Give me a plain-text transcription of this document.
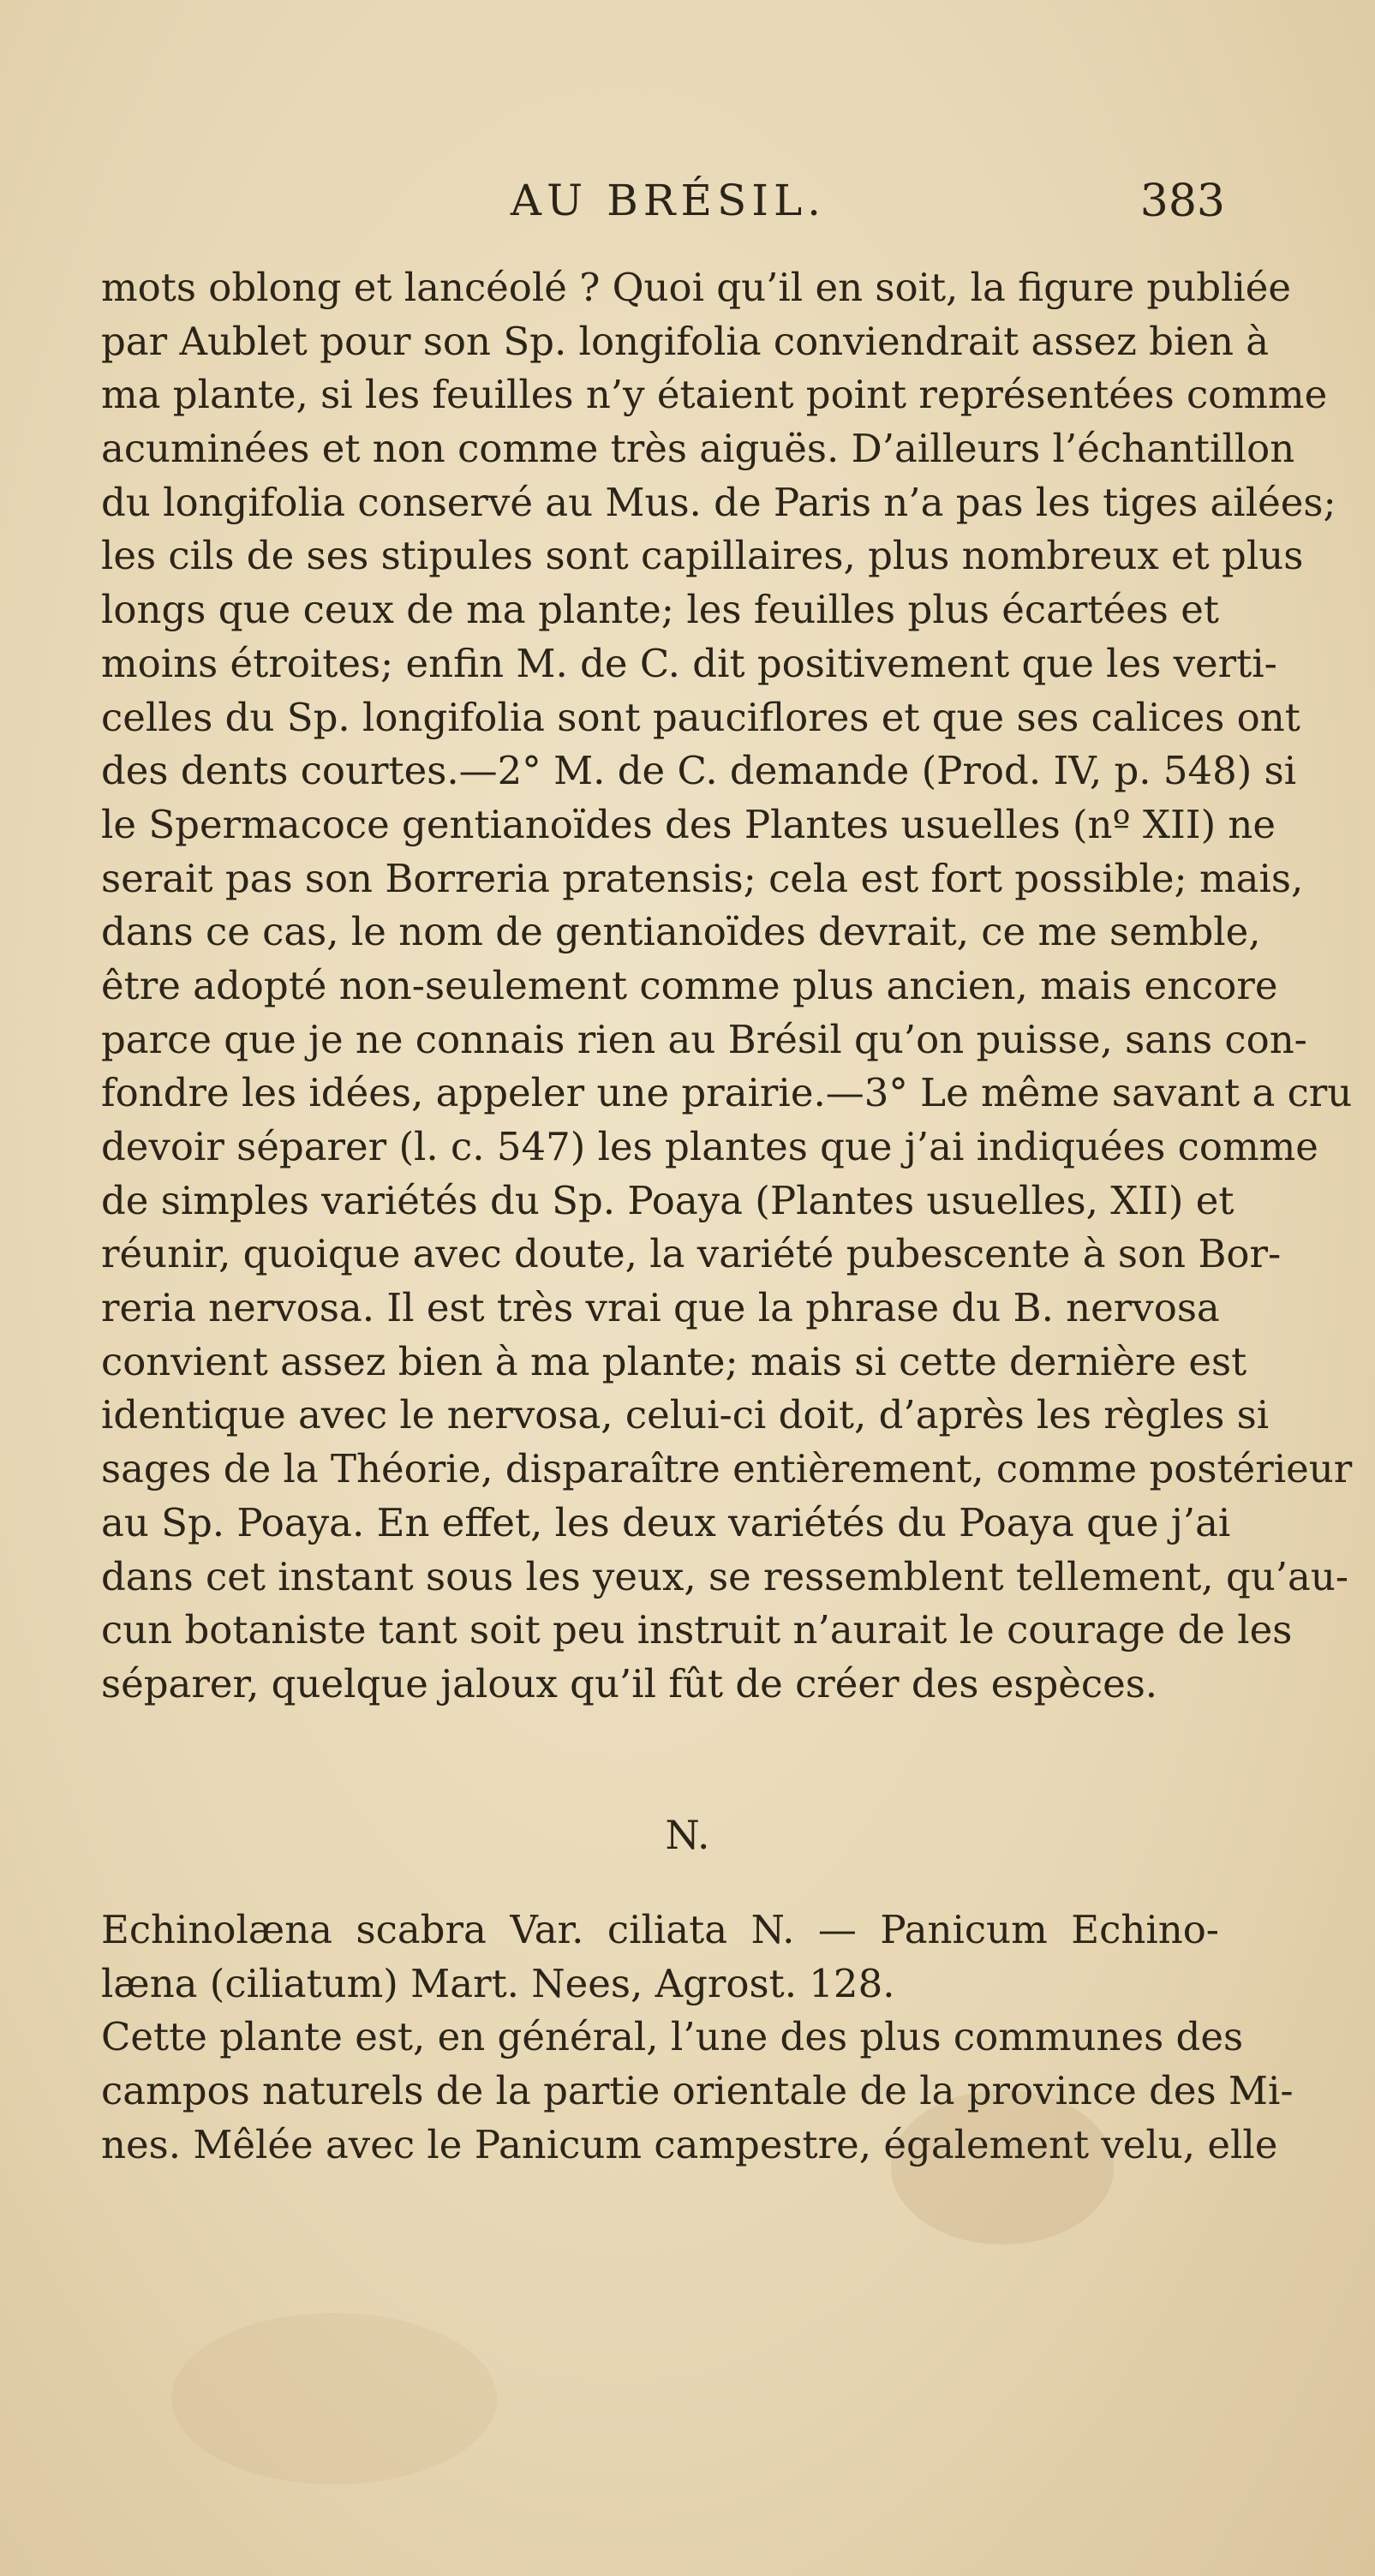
AU BRÉSIL.	383
mots oblong et lancéolé ? Quoi qu’il en soit, la figure publiée
par Aublet pour son Sp. longifolia conviendrait assez bien à
ma plante, si les feuilles n’y étaient point représentées comme
acuminées et non comme très aiguës. D’ailleurs l’échantillon
du longifolia conservé au Mus. de Paris n’a pas les tiges ailées;
les cils de ses stipules sont capillaires, plus nombreux et plus
longs que ceux de ma plante; les feuilles plus écartées et
moins étroites; enfin M. de C. dit positivement que les verti-
celles du Sp. longifolia sont pauciflores et que ses calices ont
des dents courtes.—2° M. de C. demande (Prod. IV, p. 548) si
le Spermacoce gentianoïdes des Plantes usuelles (nº XII) ne
serait pas son Borreria pratensis; cela est fort possible; mais,
dans ce cas, le nom de gentianoïdes devrait, ce me semble,
être adopté non-seulement comme plus ancien, mais encore
parce que je ne connais rien au Brésil qu’on puisse, sans con-
fondre les idées, appeler une prairie.—3° Le même savant a cru
devoir séparer (l. c. 547) les plantes que j’ai indiquées comme
de simples variétés du Sp. Poaya (Plantes usuelles, XII) et
réunir, quoique avec doute, la variété pubescente à son Bor-
reria nervosa. Il est très vrai que la phrase du B. nervosa
convient assez bien à ma plante; mais si cette dernière est
identique avec le nervosa, celui-ci doit, d’après les règles si
sages de la Théorie, disparaître entièrement, comme postérieur
au Sp. Poaya. En effet, les deux variétés du Poaya que j’ai
dans cet instant sous les yeux, se ressemblent tellement, qu’au-
cun botaniste tant soit peu instruit n’aurait le courage de les
séparer, quelque jaloux qu’il fût de créer des espèces.
N.
Echinolæna scabra Var. ciliata N. — Panicum Echino-
læna (ciliatum) Mart. Nees, Agrost. 128.
Cette plante est, en général, l’une des plus communes des
campos naturels de la partie orientale de la province des Mi-
nes. Mêlée avec le Panicum campestre, également velu, elle
